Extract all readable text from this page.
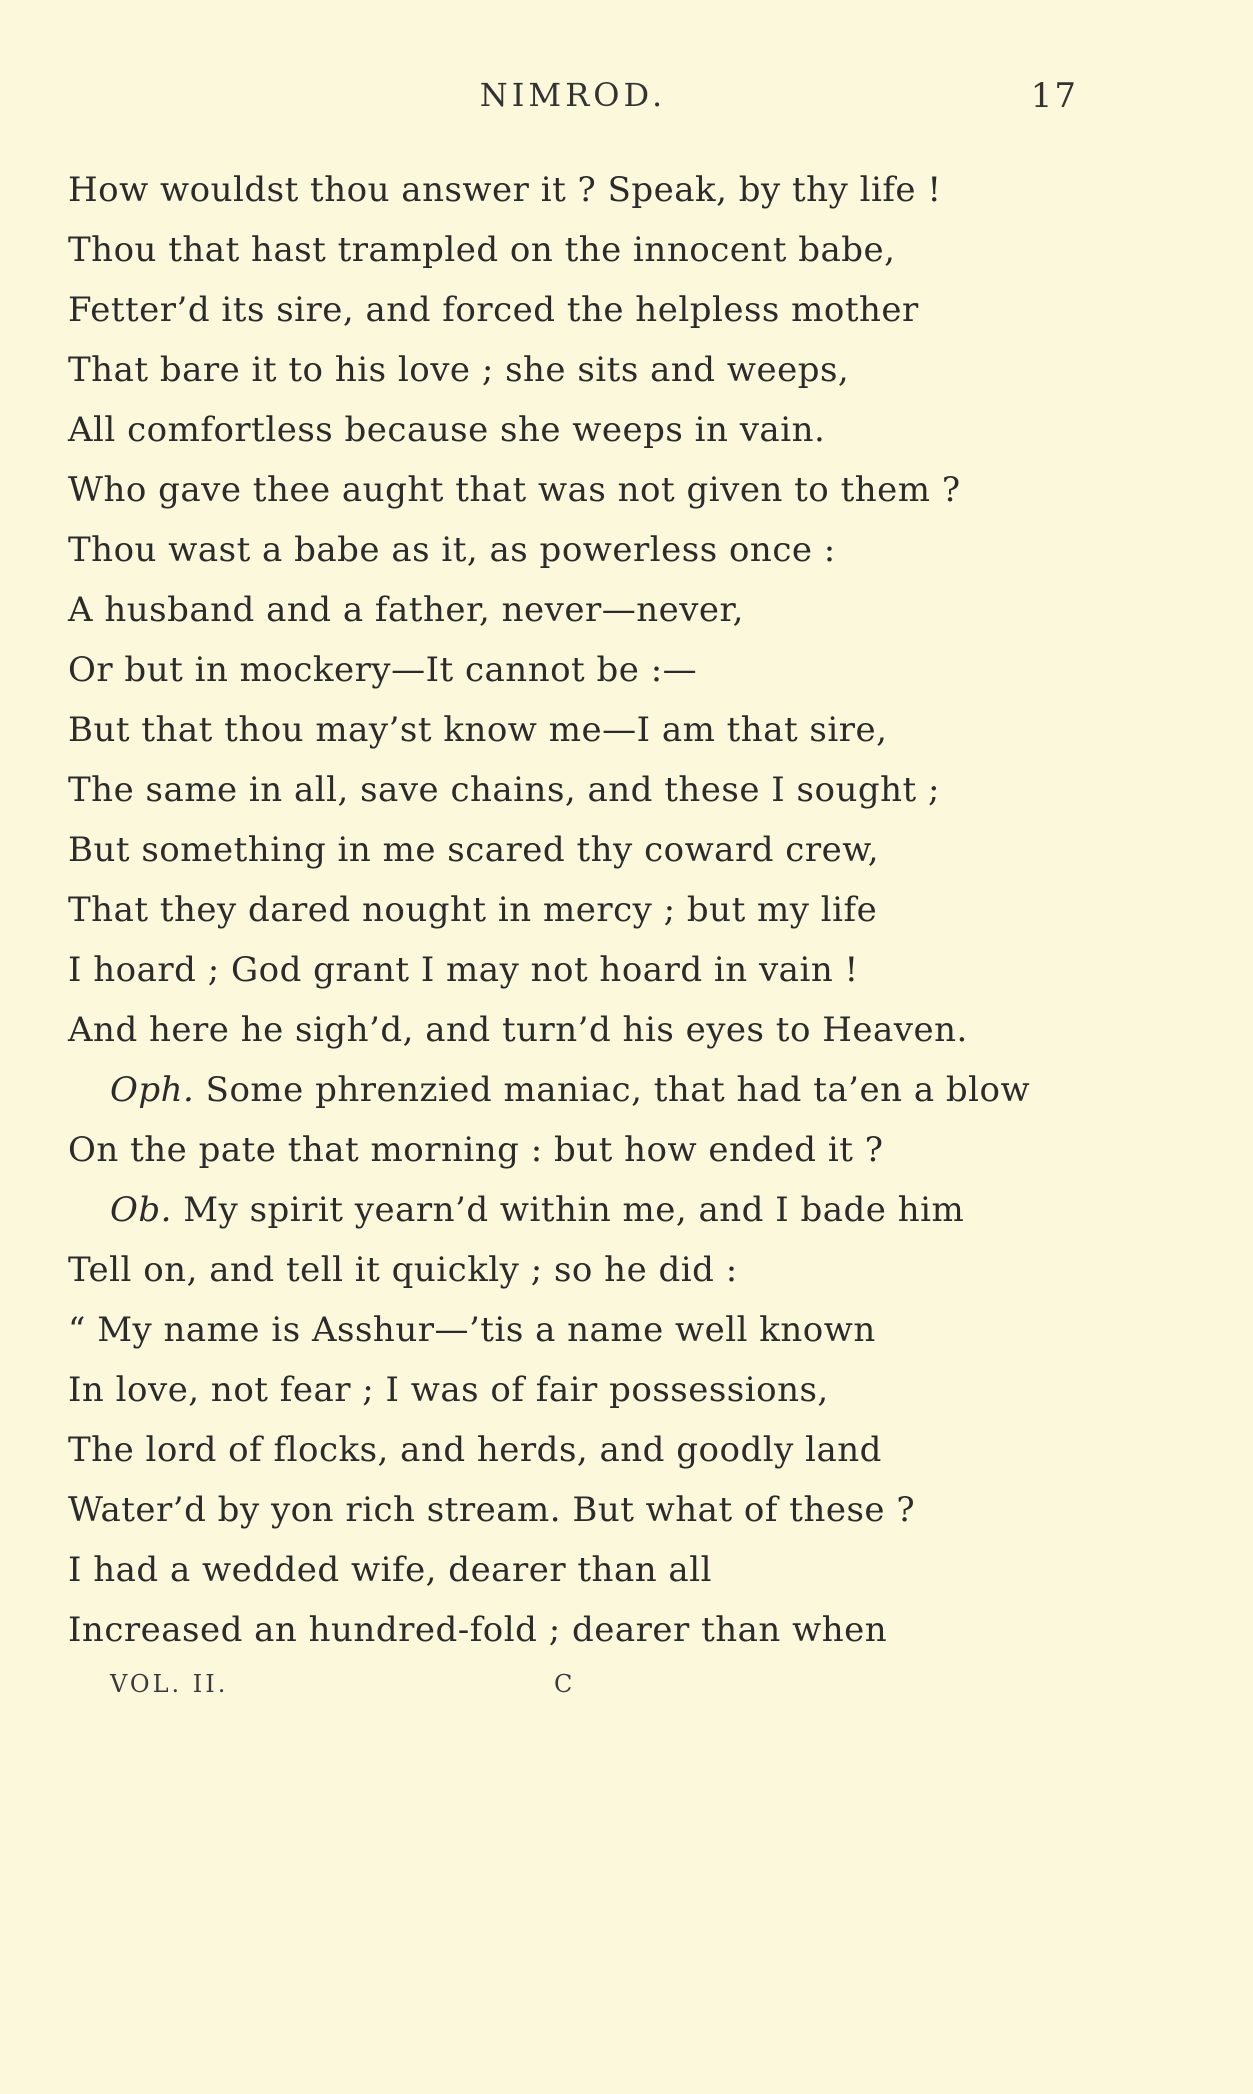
NIMROD.	17
How wouldst thou answer it ? Speak, by thy life !
Thou that hast trampled on the innocent babe,
Fetter’d its sire, and forced the helpless mother
That bare it to his love ; she sits and weeps,
All comfortless because she weeps in vain.
Who gave thee aught that was not given to them ?
Thou wast a babe as it, as powerless once :
A husband and a father, never—never,
Or but in mockery—It cannot be :—
But that thou may’st know me—I am that sire,
The same in all, save chains, and these I sought ;
But something in me scared thy coward crew,
That they dared nought in mercy ; but my life
I hoard ; God grant I may not hoard in vain !
And here he sigh’d, and turn’d his eyes to Heaven.
Oph. Some phrenzied maniac, that had ta’en a blow
On the pate that morning : but how ended it ?
Ob. My spirit yearn’d within me, and I bade him
Tell on, and tell it quickly ; so he did :
“ My name is Asshur—’tis a name well known
In love, not fear ; I was of fair possessions,
The lord of flocks, and herds, and goodly land
Water’d by yon rich stream. But what of these ?
I had a wedded wife, dearer than all
Increased an hundred-fold ; dearer than when
VOL. II.	C
